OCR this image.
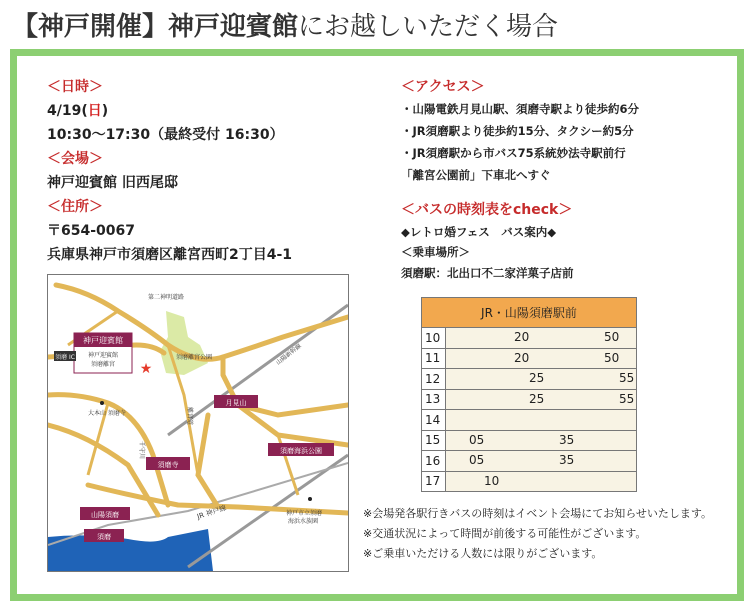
【神戸開催】神戸迎賓館にお越しいただく場合
＜日時＞
4/19(日)
10:30〜17:30（最終受付 16:30）
＜会場＞
神戸迎賓館 旧西尾邸
＜住所＞
〒654-0067
兵庫県神戸市須磨区離宮西町2丁目4-1
＜アクセス＞
・山陽電鉄月見山駅、須磨寺駅より徒歩約6分
・JR須磨駅より徒歩約15分、タクシー約5分
・JR須磨駅から市バス75系統妙法寺駅前行
「離宮公園前」下車北へすぐ
＜バスの時刻表をcheck＞
◆レトロ婚フェス　バス案内◆
＜乗車場所＞
須磨駅：北出口不二家洋菓子店前
JR・山陽須磨駅前	
10	20 50

11	20 50

12	25 55

13	25 55

14	
15	05 35

16	05 35

17	10
※会場発各駅行きバスの時刻はイベント会場にてお知らせいたします。
※交通状況によって時間が前後する可能性がございます。
※ご乗車いただける人数には限りがございます。
神戸迎賓館
神戸迎賓館
須磨離宮 ★
須磨離宮公園
第二神明道路
山陽新幹線
須磨 IC
大本山 須磨寺	離宮道
千守川
月見山
須磨寺
須磨海浜公園
山陽須磨
須磨
JR 神戸線	神戸市立須磨
海浜水族園
